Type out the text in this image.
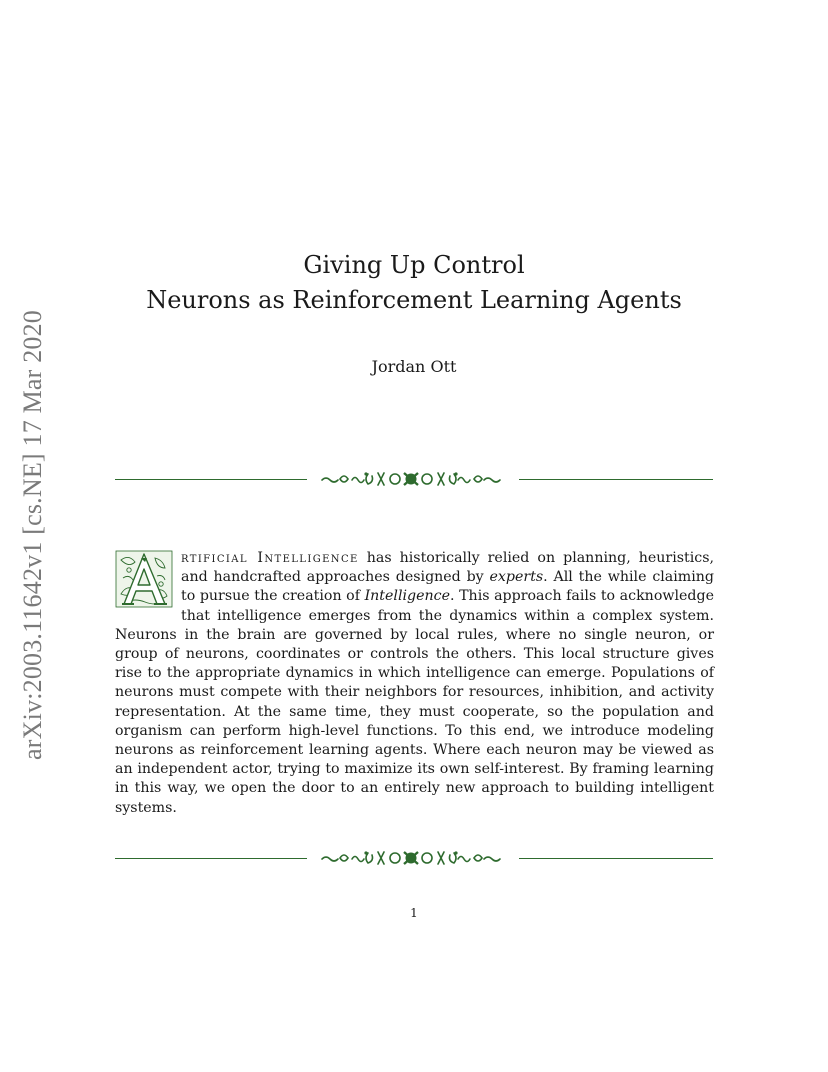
arXiv:2003.11642v1 [cs.NE] 17 Mar 2020
Giving Up Control
Neurons as Reinforcement Learning Agents
Jordan Ott
rtificial Intelligence has historically relied on planning, heuristics, and handcrafted approaches designed by experts. All the while claiming to pursue the creation of Intelligence. This approach fails to acknowledge that intelligence emerges from the dynamics within a complex system. Neurons in the brain are governed by local rules, where no single neuron, or group of neurons, coordinates or controls the others. This local structure gives rise to the appropriate dynamics in which intelligence can emerge. Populations of neurons must compete with their neighbors for resources, inhibition, and activity representation. At the same time, they must cooperate, so the population and organism can perform high-level functions. To this end, we introduce modeling neurons as reinforcement learning agents. Where each neuron may be viewed as an independent actor, trying to maximize its own self-interest. By framing learning in this way, we open the door to an entirely new approach to building intelligent systems.
1
